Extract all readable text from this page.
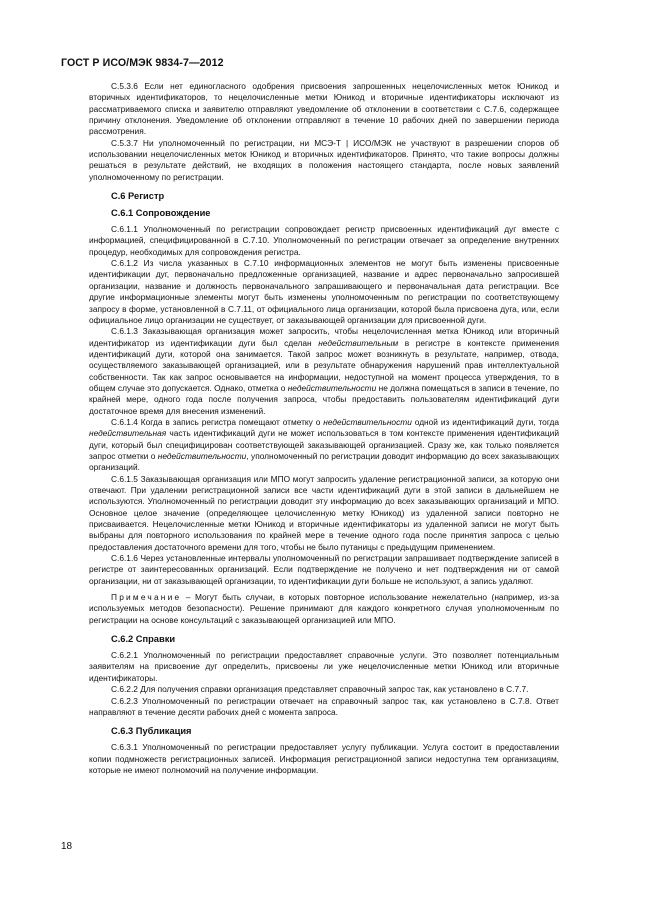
ГОСТ Р ИСО/МЭК 9834-7—2012

С.5.3.6 Если нет единогласного одобрения присвоения запрошенных нецелочисленных меток Юникод и вторичных идентификаторов, то нецелочисленные метки Юникод и вторичные идентификаторы исключают из рассматриваемого списка и заявителю отправляют уведомление об отклонении в соответствии с С.7.6, содержащее причину отклонения. Уведомление об отклонении отправляют в течение 10 рабочих дней по завершении периода рассмотрения.

С.5.3.7 Ни уполномоченный по регистрации, ни МСЭ-Т | ИСО/МЭК не участвуют в разрешении споров об использовании нецелочисленных меток Юникод и вторичных идентификаторов. Принято, что такие вопросы должны решаться в результате действий, не входящих в положения настоящего стандарта, после новых заявлений уполномоченному по регистрации.

С.6 Регистр
С.6.1 Сопровождение

С.6.1.1 Уполномоченный по регистрации сопровождает регистр присвоенных идентификаций дуг вместе с информацией, специфицированной в С.7.10. Уполномоченный по регистрации отвечает за определение внутренних процедур, необходимых для сопровождения регистра.

С.6.1.2 Из числа указанных в С.7.10 информационных элементов не могут быть изменены присвоенные идентификации дуг, первоначально предложенные организацией, название и адрес первоначально запросившей организации, название и должность первоначального запрашивающего и первоначальная дата регистрации. Все другие информационные элементы могут быть изменены уполномоченным по регистрации по соответствующему запросу в форме, установленной в С.7.11, от официального лица организации, которой была присвоена дуга, или, если официальное лицо организации не существует, от заказывающей организации для присвоенной дуги.

С.6.1.3 Заказывающая организация может запросить, чтобы нецелочисленная метка Юникод или вторичный идентификатор из идентификации дуги был сделан недействительным в регистре в контексте применения идентификаций дуги, которой она занимается. Такой запрос может возникнуть в результате, например, отвода, осуществляемого заказывающей организацией, или в результате обнаружения нарушений прав интеллектуальной собственности. Так как запрос основывается на информации, недоступной на момент процесса утверждения, то в общем случае это допускается. Однако, отметка о недействительности не должна помещаться в записи в течение, по крайней мере, одного года после получения запроса, чтобы предоставить пользователям идентификаций дуги достаточное время для внесения изменений.

С.6.1.4 Когда в запись регистра помещают отметку о недействительности одной из идентификаций дуги, тогда недействительная часть идентификаций дуги не может использоваться в том контексте применения идентификаций дуги, который был специфицирован соответствующей заказывающей организацией. Сразу же, как только появляется запрос отметки о недействительности, уполномоченный по регистрации доводит информацию до всех заказывающих организаций.

С.6.1.5 Заказывающая организация или МПО могут запросить удаление регистрационной записи, за которую они отвечают. При удалении регистрационной записи все части идентификаций дуги в этой записи в дальнейшем не используются. Уполномоченный по регистрации доводит эту информацию до всех заказывающих организаций и МПО. Основное целое значение (определяющее целочисленную метку Юникод) из удаленной записи повторно не присваивается. Нецелочисленные метки Юникод и вторичные идентификаторы из удаленной записи не могут быть выбраны для повторного использования по крайней мере в течение одного года после принятия запроса с целью предоставления достаточного времени для того, чтобы не было путаницы с предыдущим применением.

С.6.1.6 Через установленные интервалы уполномоченный по регистрации запрашивает подтверждение записей в регистре от заинтересованных организаций. Если подтверждение не получено и нет подтверждения ни от самой организации, ни от заказывающей организации, то идентификации дуги больше не используют, а запись удаляют.

Примечание – Могут быть случаи, в которых повторное использование нежелательно (например, из-за используемых методов безопасности). Решение принимают для каждого конкретного случая уполномоченным по регистрации на основе консультаций с заказывающей организацией или МПО.

С.6.2 Справки

С.6.2.1 Уполномоченный по регистрации предоставляет справочные услуги. Это позволяет потенциальным заявителям на присвоение дуг определить, присвоены ли уже нецелочисленные метки Юникод или вторичные идентификаторы.

С.6.2.2 Для получения справки организация представляет справочный запрос так, как установлено в С.7.7.

С.6.2.3 Уполномоченный по регистрации отвечает на справочный запрос так, как установлено в С.7.8. Ответ направляют в течение десяти рабочих дней с момента запроса.

С.6.3 Публикация

С.6.3.1 Уполномоченный по регистрации предоставляет услугу публикации. Услуга состоит в предоставлении копии подмножеств регистрационных записей. Информация регистрационной записи недоступна тем организациям, которые не имеют полномочий на получение информации.

18
